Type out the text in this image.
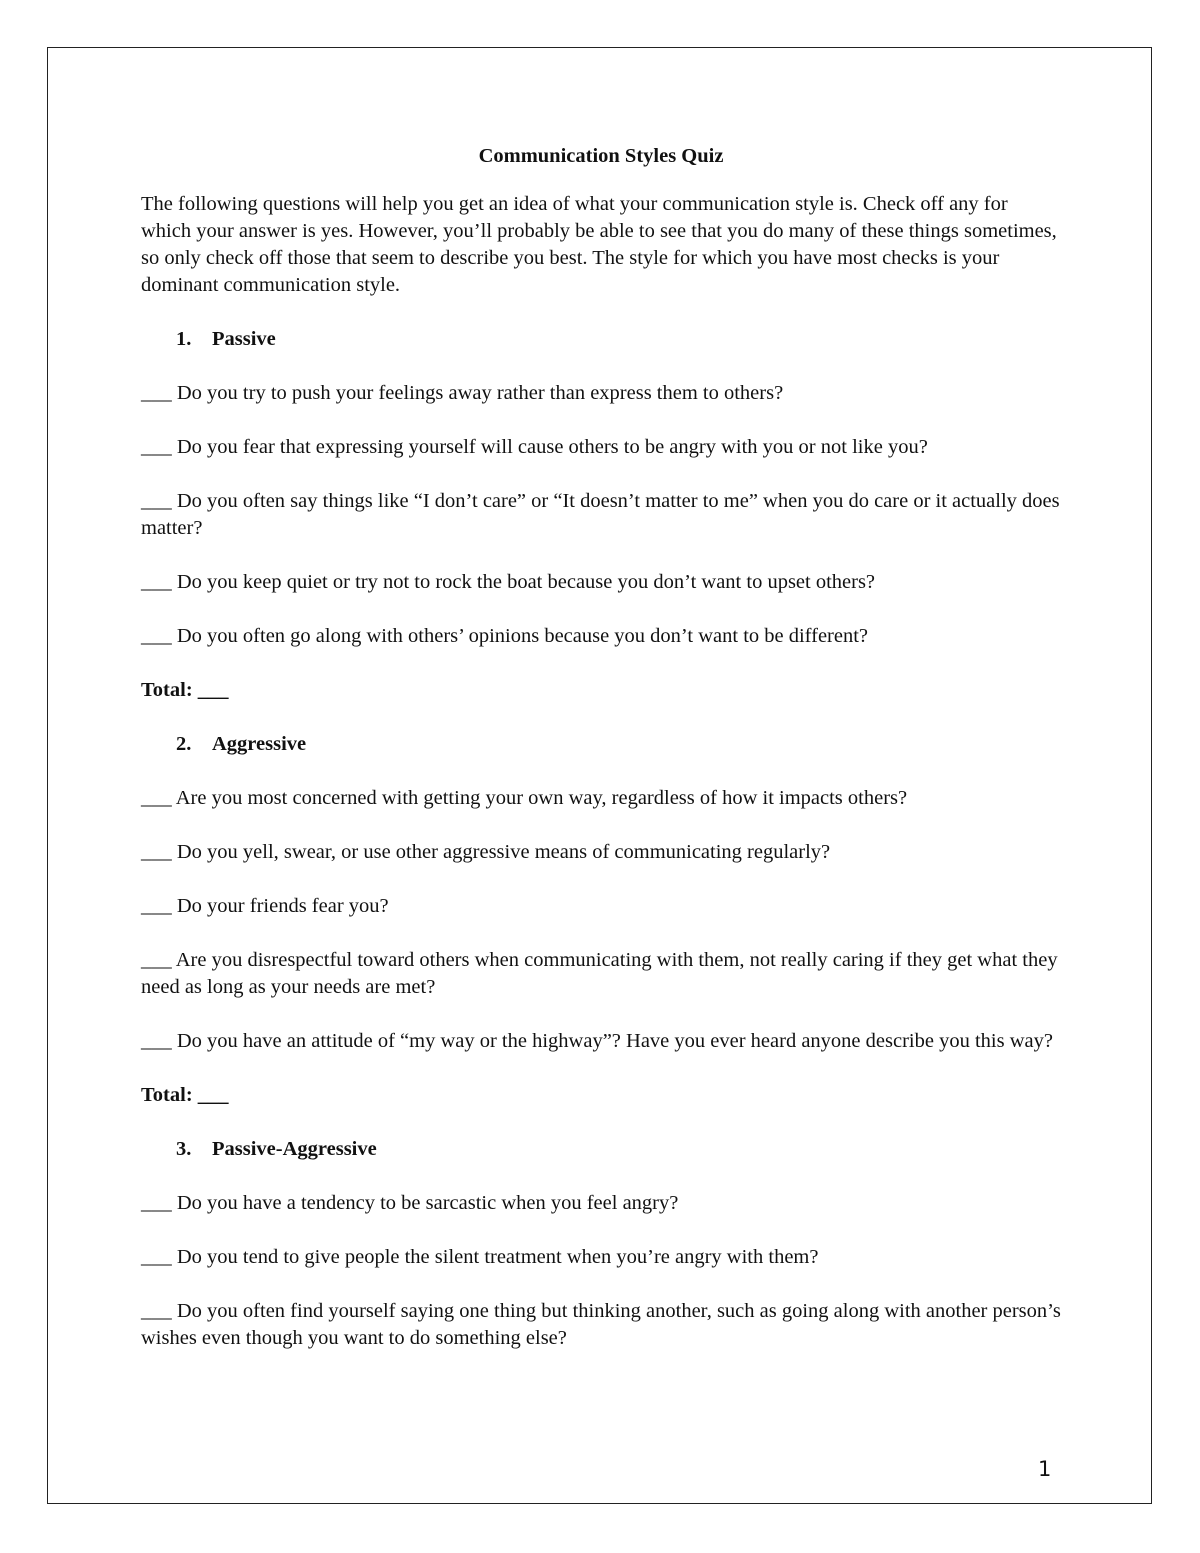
Communication Styles Quiz
The following questions will help you get an idea of what your communication style is. Check off any for which your answer is yes. However, you’ll probably be able to see that you do many of these things sometimes, so only check off those that seem to describe you best. The style for which you have most checks is your dominant communication style.
1. Passive
___ Do you try to push your feelings away rather than express them to others?
___ Do you fear that expressing yourself will cause others to be angry with you or not like you?
___ Do you often say things like “I don’t care” or “It doesn’t matter to me” when you do care or it actually does matter?
___ Do you keep quiet or try not to rock the boat because you don’t want to upset others?
___ Do you often go along with others’ opinions because you don’t want to be different?
Total: ___
2. Aggressive
___ Are you most concerned with getting your own way, regardless of how it impacts others?
___ Do you yell, swear, or use other aggressive means of communicating regularly?
___ Do your friends fear you?
___ Are you disrespectful toward others when communicating with them, not really caring if they get what they need as long as your needs are met?
___ Do you have an attitude of “my way or the highway”? Have you ever heard anyone describe you this way?
Total: ___
3. Passive-Aggressive
___ Do you have a tendency to be sarcastic when you feel angry?
___ Do you tend to give people the silent treatment when you’re angry with them?
___ Do you often find yourself saying one thing but thinking another, such as going along with another person’s wishes even though you want to do something else?
1
